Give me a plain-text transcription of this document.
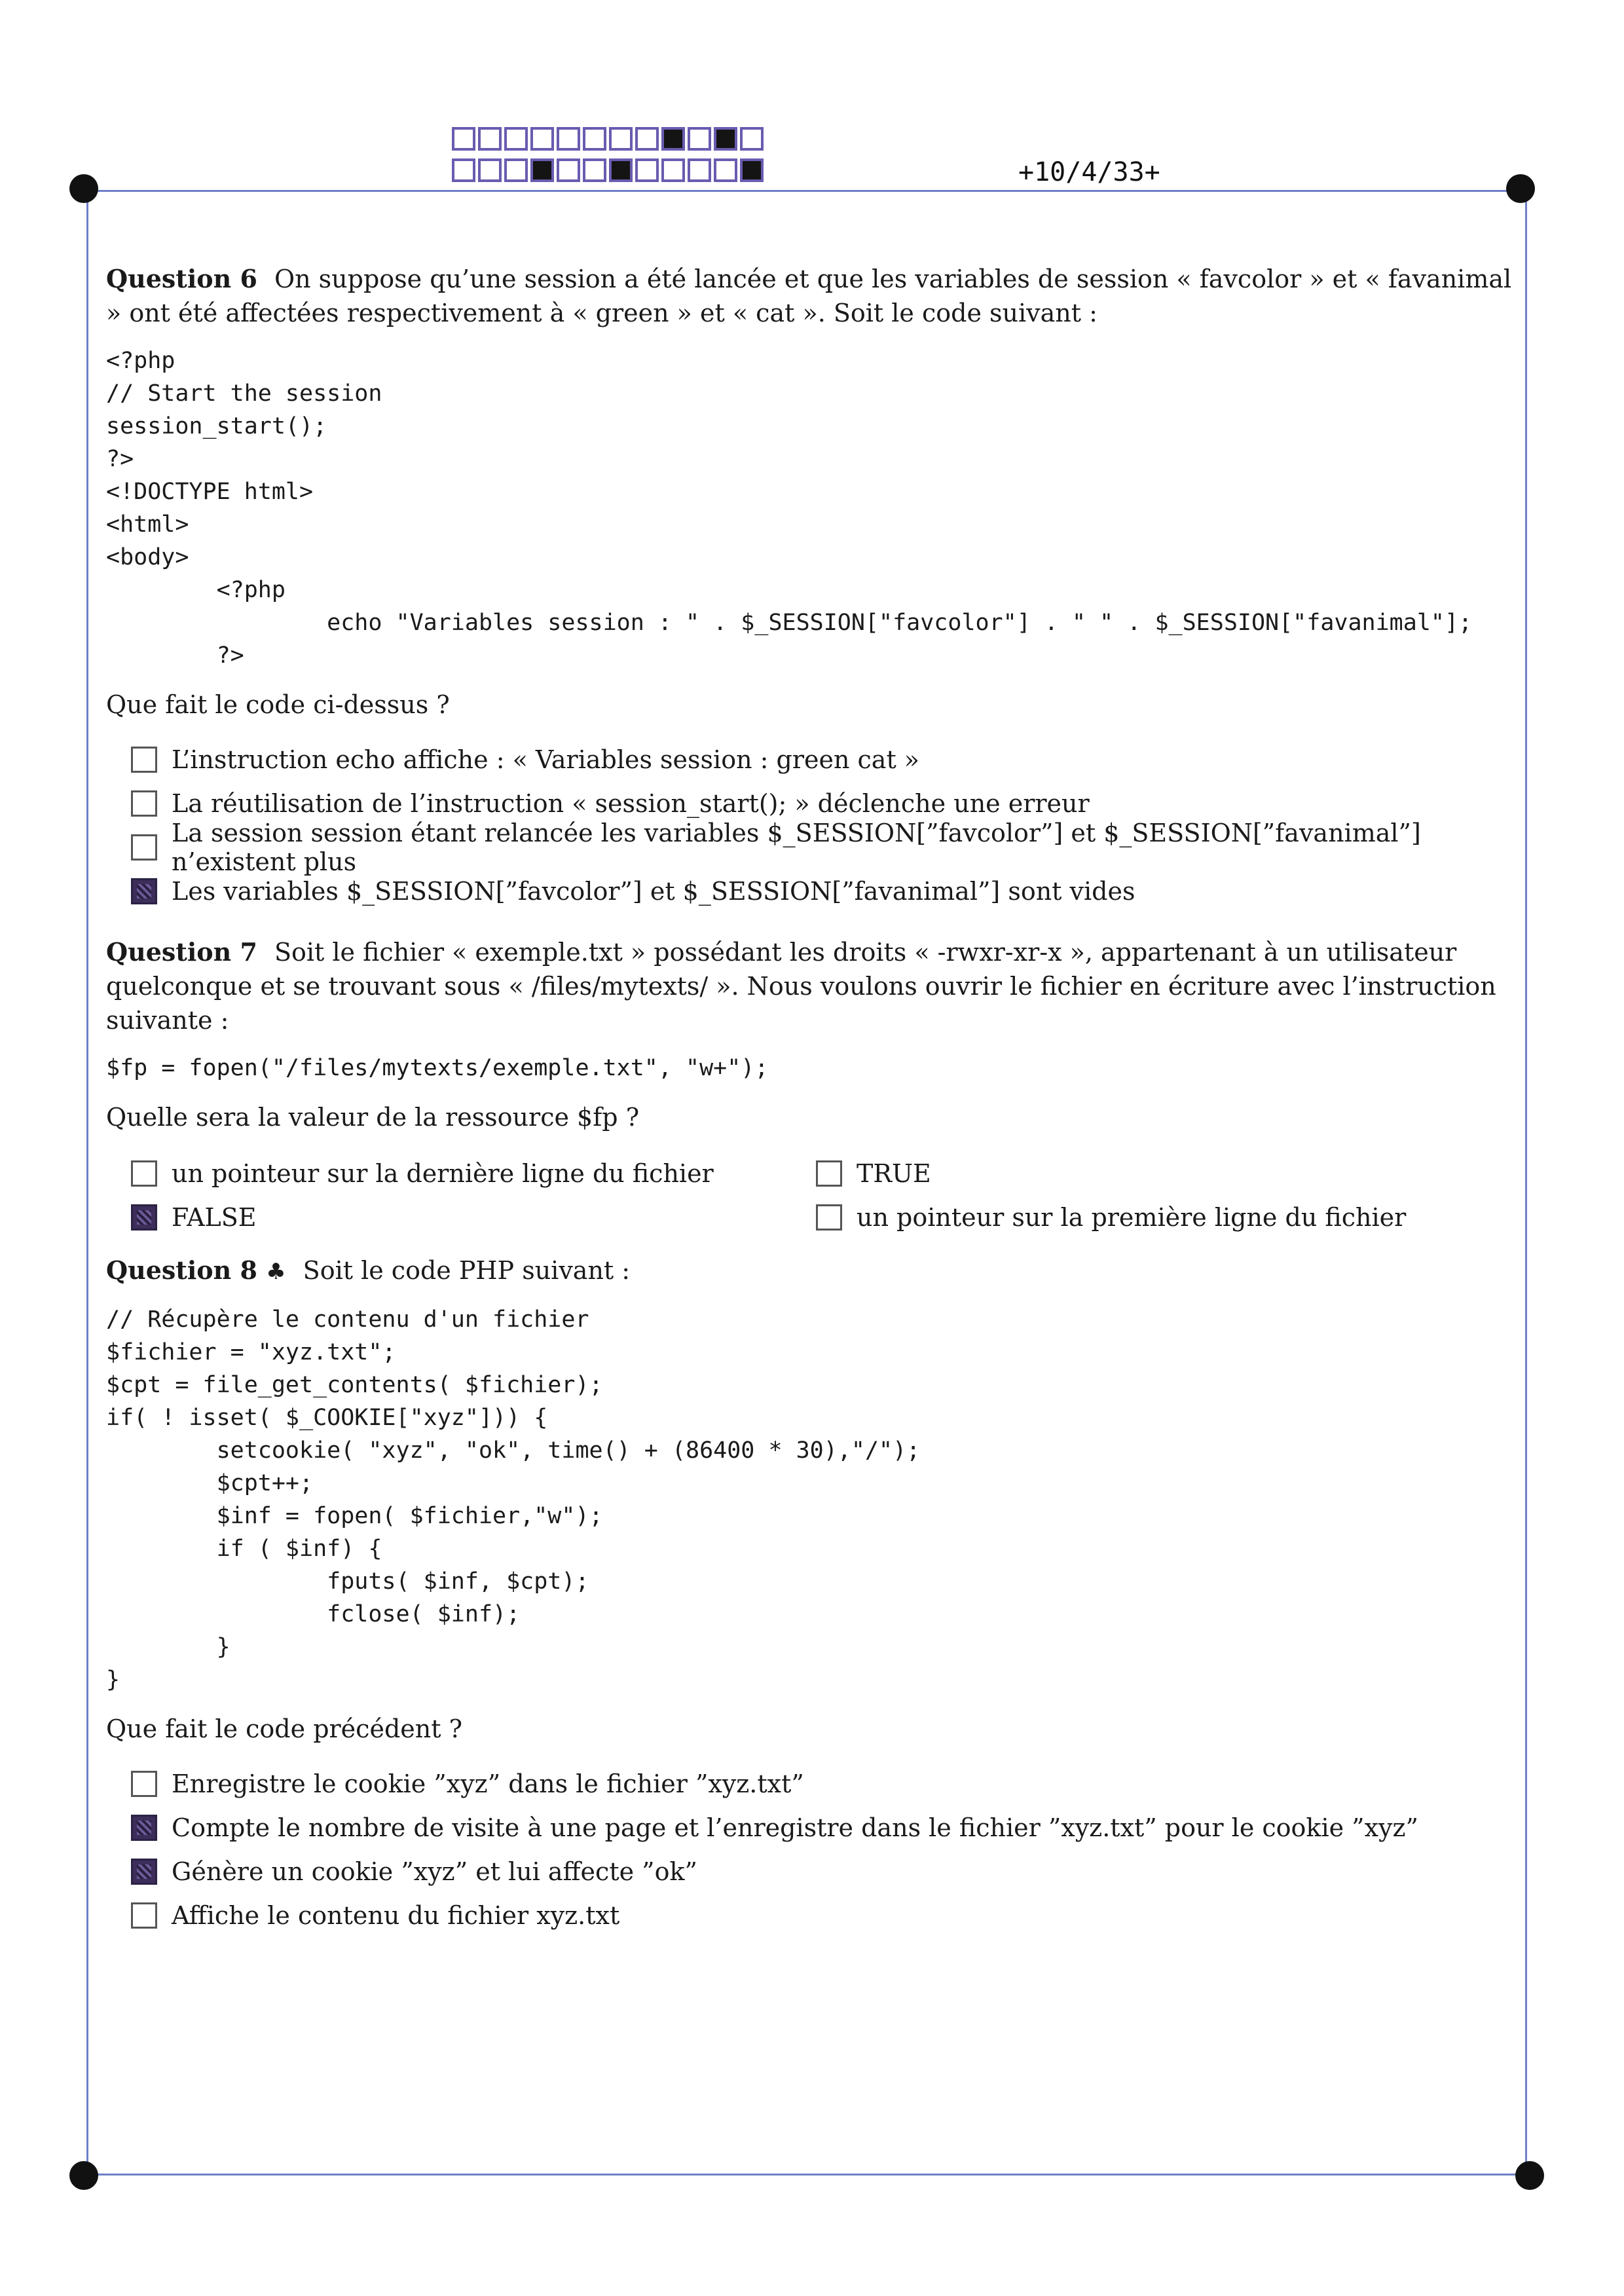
+10/4/33+

Question 6 On suppose qu’une session a été lancée et que les variables de session « favcolor » et « favanimal » ont été affectées respectivement à « green » et « cat ». Soit le code suivant :

<?php
// Start the session
session_start();
?>
<!DOCTYPE html>
<html>
<body>
<?php
echo "Variables session : " . $_SESSION["favcolor"] . " " . $_SESSION["favanimal"];
?>
Que fait le code ci-dessus ?
L’instruction echo affiche : « Variables session : green cat »
La réutilisation de l’instruction « session_start(); » déclenche une erreur
La session session étant relancée les variables $_SESSION[”favcolor”] et $_SESSION[”favanimal”] n’existent plus
Les variables $_SESSION[”favcolor”] et $_SESSION[”favanimal”] sont vides

Question 7 Soit le fichier « exemple.txt » possédant les droits « -rwxr-xr-x », appartenant à un utilisateur quelconque et se trouvant sous « /files/mytexts/ ». Nous voulons ouvrir le fichier en écriture avec l’instruction suivante :

$fp = fopen("/files/mytexts/exemple.txt", "w+");
Quelle sera la valeur de la ressource $fp ?
un pointeur sur la dernière ligne du fichier	TRUE
FALSE	un pointeur sur la première ligne du fichier

Question 8 ♣ Soit le code PHP suivant :

// Récupère le contenu d'un fichier
$fichier = "xyz.txt";
$cpt = file_get_contents( $fichier);
if( ! isset( $_COOKIE["xyz"])) {
setcookie( "xyz", "ok", time() + (86400 * 30),"/");
$cpt++;
$inf = fopen( $fichier,"w");
if ( $inf) {
fputs( $inf, $cpt);
fclose( $inf);
}
}
Que fait le code précédent ?
Enregistre le cookie ”xyz” dans le fichier ”xyz.txt”
Compte le nombre de visite à une page et l’enregistre dans le fichier ”xyz.txt” pour le cookie ”xyz”
Génère un cookie ”xyz” et lui affecte ”ok”
Affiche le contenu du fichier xyz.txt
